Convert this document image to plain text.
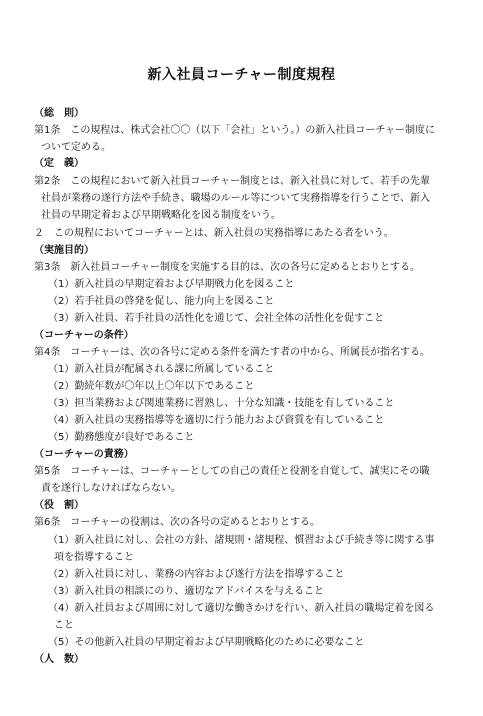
新入社員コーチャー制度規程
（総　則）
第1条　この規程は、株式会社〇〇（以下「会社」という。）の新入社員コーチャー制度に
ついて定める。
（定　義）
第2条　この規程において新入社員コーチャー制度とは、新入社員に対して、若手の先輩
社員が業務の遂行方法や手続き、職場のルール等について実務指導を行うことで、新入
社員の早期定着および早期戦略化を図る制度をいう。
２　この規程においてコーチャーとは、新入社員の実務指導にあたる者をいう。
（実施目的）
第3条　新入社員コーチャー制度を実施する目的は、次の各号に定めるとおりとする。
（1）新入社員の早期定着および早期戦力化を図ること
（2）若手社員の啓発を促し、能力向上を図ること
（3）新入社員、若手社員の活性化を通じて、会社全体の活性化を促すこと
（コーチャーの条件）
第4条　コーチャーは、次の各号に定める条件を満たす者の中から、所属長が指名する。
（1）新入社員が配属される課に所属していること
（2）勤続年数が〇年以上〇年以下であること
（3）担当業務および関連業務に習熟し、十分な知識・技能を有していること
（4）新入社員の実務指導等を適切に行う能力および資質を有していること
（5）勤務態度が良好であること
（コーチャーの責務）
第5条　コーチャーは、コーチャーとしての自己の責任と役割を自覚して、誠実にその職
責を遂行しなければならない。
（役　割）
第6条　コーチャーの役割は、次の各号の定めるとおりとする。
（1）新入社員に対し、会社の方針、諸規則・諸規程、慣習および手続き等に関する事
項を指導すること
（2）新入社員に対し、業務の内容および遂行方法を指導すること
（3）新入社員の相談にのり、適切なアドバイスを与えること
（4）新入社員および周囲に対して適切な働きかけを行い、新入社員の職場定着を図る
こと
（5）その他新入社員の早期定着および早期戦略化のために必要なこと
（人　数）
